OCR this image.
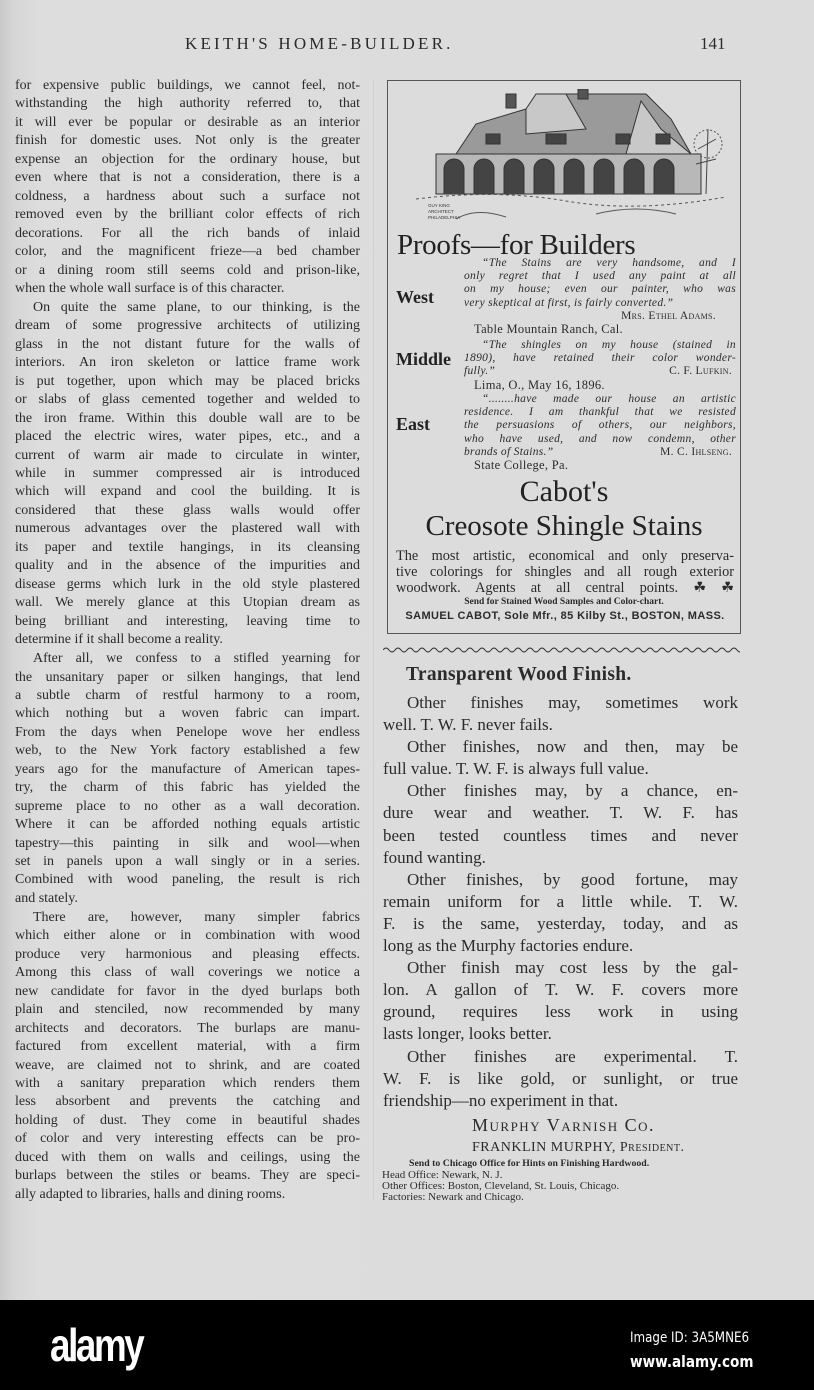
KEITH'S HOME-BUILDER.	141
for expensive public buildings, we cannot feel, not-
withstanding the high authority referred to, that
it will ever be popular or desirable as an interior
finish for domestic uses. Not only is the greater
expense an objection for the ordinary house, but
even where that is not a consideration, there is a
coldness, a hardness about such a surface not
removed even by the brilliant color effects of rich
decorations. For all the rich bands of inlaid
color, and the magnificent frieze—a bed chamber
or a dining room still seems cold and prison-like,
when the whole wall surface is of this character.
On quite the same plane, to our thinking, is the
dream of some progressive architects of utilizing
glass in the not distant future for the walls of
interiors. An iron skeleton or lattice frame work
is put together, upon which may be placed bricks
or slabs of glass cemented together and welded to
the iron frame. Within this double wall are to be
placed the electric wires, water pipes, etc., and a
current of warm air made to circulate in winter,
while in summer compressed air is introduced
which will expand and cool the building. It is
considered that these glass walls would offer
numerous advantages over the plastered wall with
its paper and textile hangings, in its cleansing
quality and in the absence of the impurities and
disease germs which lurk in the old style plastered
wall. We merely glance at this Utopian dream as
being brilliant and interesting, leaving time to
determine if it shall become a reality.
After all, we confess to a stifled yearning for
the unsanitary paper or silken hangings, that lend
a subtle charm of restful harmony to a room,
which nothing but a woven fabric can impart.
From the days when Penelope wove her endless
web, to the New York factory established a few
years ago for the manufacture of American tapes-
try, the charm of this fabric has yielded the
supreme place to no other as a wall decoration.
Where it can be afforded nothing equals artistic
tapestry—this painting in silk and wool—when
set in panels upon a wall singly or in a series.
Combined with wood paneling, the result is rich
and stately.
There are, however, many simpler fabrics
which either alone or in combination with wood
produce very harmonious and pleasing effects.
Among this class of wall coverings we notice a
new candidate for favor in the dyed burlaps both
plain and stenciled, now recommended by many
architects and decorators. The burlaps are manu-
factured from excellent material, with a firm
weave, are claimed not to shrink, and are coated
with a sanitary preparation which renders them
less absorbent and prevents the catching and
holding of dust. They come in beautiful shades
of color and very interesting effects can be pro-
duced with them on walls and ceilings, using the
burlaps between the stiles or beams. They are speci-
ally adapted to libraries, halls and dining rooms.
GUY KING
ARCHITECT
PHILADELPHIA
Proofs—for Builders
West
“The Stains are very handsome, and I
only regret that I used any paint at all
on my house; even our painter, who was
very skeptical at first, is fairly converted.”
Mrs. Ethel Adams.
Table Mountain Ranch, Cal.
Middle
“The shingles on my house (stained in
1890), have retained their color wonder-
fully.”	C. F. Lufkin.
Lima, O., May 16, 1896.
East
“........have made our house an artistic
residence. I am thankful that we resisted
the persuasions of others, our neighbors,
who have used, and now condemn, other
brands of Stains.”	M. C. Ihlseng.
State College, Pa.
Cabot's
Creosote Shingle Stains
The most artistic, economical and only preserva-
tive colorings for shingles and all rough exterior
woodwork. Agents at all central points. ☘ ☘
Send for Stained Wood Samples and Color-chart.
SAMUEL CABOT, Sole Mfr., 85 Kilby St., BOSTON, MASS.
Transparent Wood Finish.
Other finishes may, sometimes work
well. T. W. F. never fails.
Other finishes, now and then, may be
full value. T. W. F. is always full value.
Other finishes may, by a chance, en-
dure wear and weather. T. W. F. has
been tested countless times and never
found wanting.
Other finishes, by good fortune, may
remain uniform for a little while. T. W.
F. is the same, yesterday, today, and as
long as the Murphy factories endure.
Other finish may cost less by the gal-
lon. A gallon of T. W. F. covers more
ground, requires less work in using
lasts longer, looks better.
Other finishes are experimental. T.
W. F. is like gold, or sunlight, or true
friendship—no experiment in that.
Murphy Varnish Co.
FRANKLIN MURPHY, President.
Send to Chicago Office for Hints on Finishing Hardwood.
Head Office: Newark, N. J.
Other Offices: Boston, Cleveland, St. Louis, Chicago.
Factories: Newark and Chicago.
alamy	Image ID: 3A5MNE6
www.alamy.com
